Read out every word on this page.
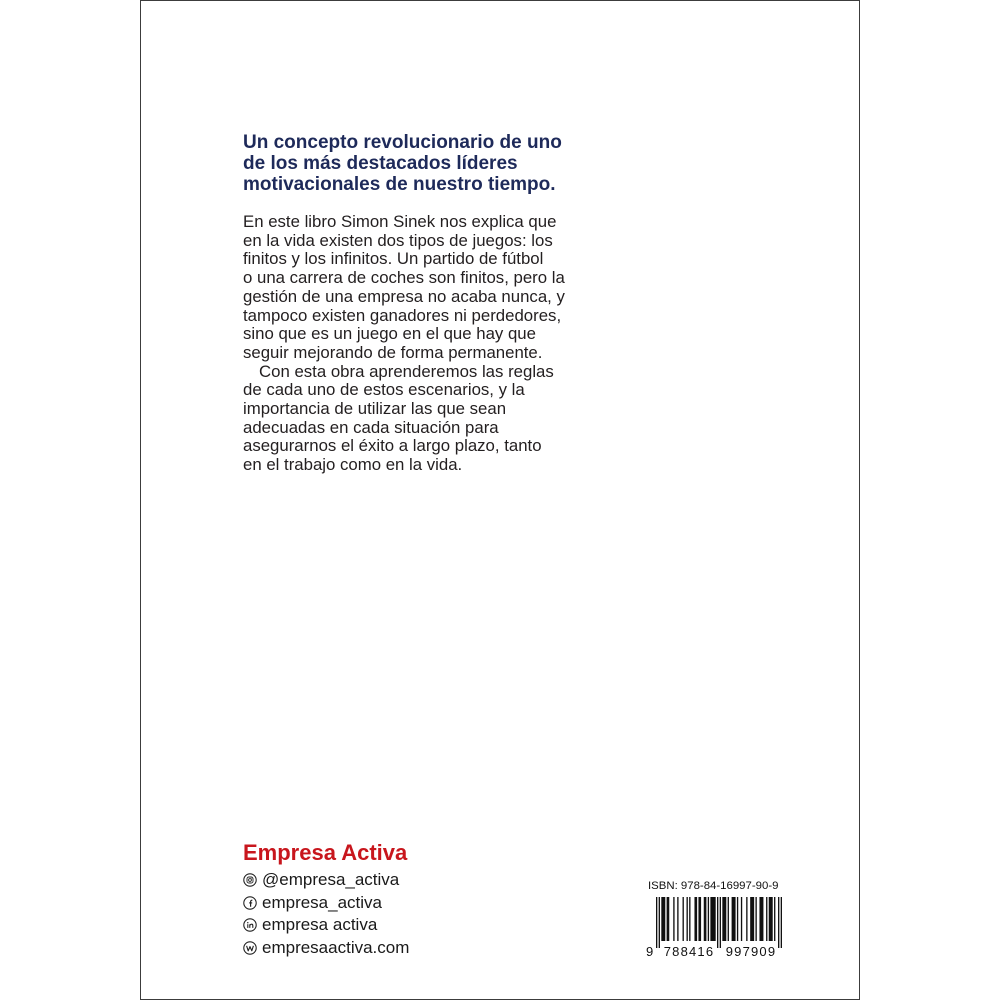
Un concepto revolucionario de uno
de los más destacados líderes
motivacionales de nuestro tiempo.
En este libro Simon Sinek nos explica que
en la vida existen dos tipos de juegos: los
finitos y los infinitos. Un partido de fútbol
o una carrera de coches son finitos, pero la
gestión de una empresa no acaba nunca, y
tampoco existen ganadores ni perdedores,
sino que es un juego en el que hay que
seguir mejorando de forma permanente.
Con esta obra aprenderemos las reglas
de cada uno de estos escenarios, y la
importancia de utilizar las que sean
adecuadas en cada situación para
asegurarnos el éxito a largo plazo, tanto
en el trabajo como en la vida.
Empresa Activa
@empresa_activa
empresa_activa
empresa activa
empresaactiva.com
ISBN: 978-84-16997-90-9
9 788416 997909
